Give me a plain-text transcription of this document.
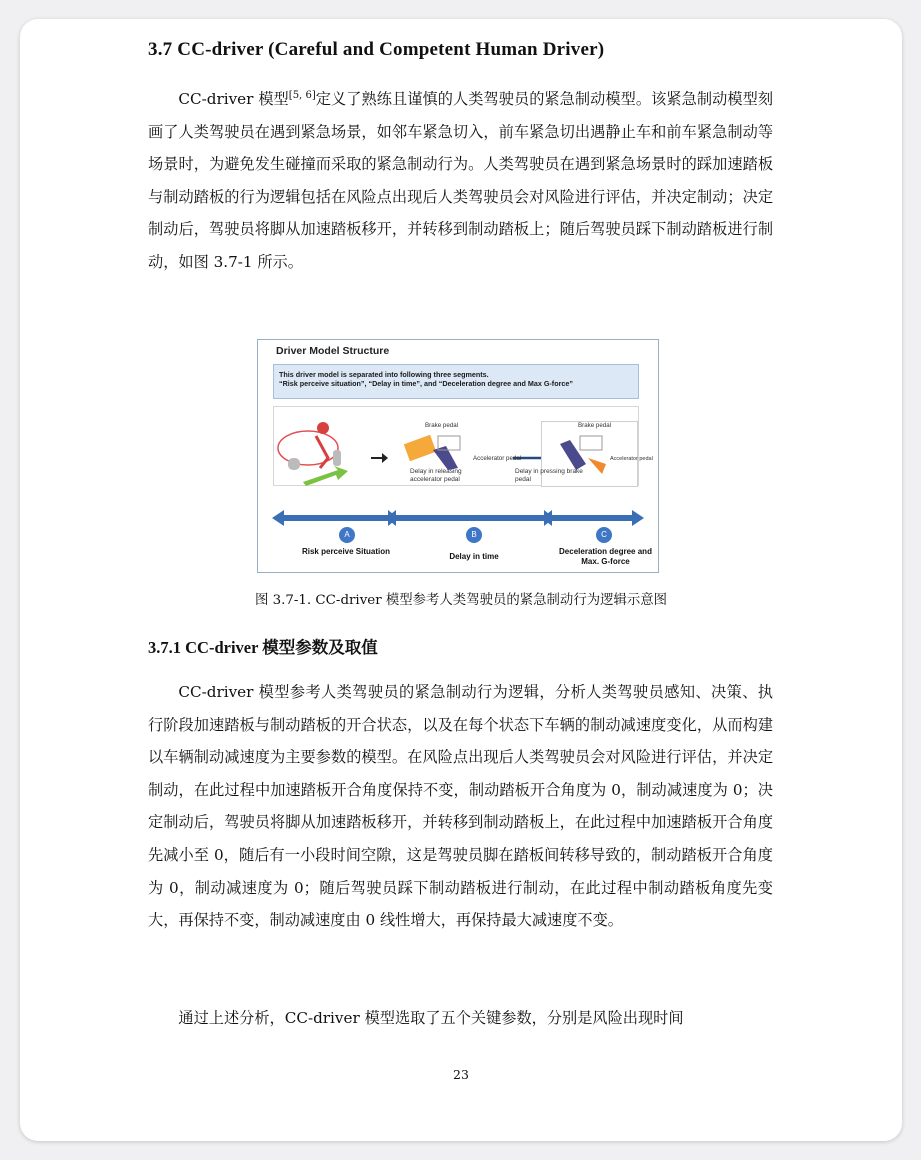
3.7 CC-driver (Careful and Competent Human Driver)

CC-driver 模型[5, 6]定义了熟练且谨慎的人类驾驶员的紧急制动模型。该紧急制动模型刻画了人类驾驶员在遇到紧急场景，如邻车紧急切入，前车紧急切出遇静止车和前车紧急制动等场景时，为避免发生碰撞而采取的紧急制动行为。人类驾驶员在遇到紧急场景时的踩加速踏板与制动踏板的行为逻辑包括在风险点出现后人类驾驶员会对风险进行评估，并决定制动；决定制动后，驾驶员将脚从加速踏板移开，并转移到制动踏板上；随后驾驶员踩下制动踏板进行制动，如图 3.7-1 所示。

Driver Model Structure
This driver model is separated into following three segments.
“Risk perceive situation”, “Delay in time”, and “Deceleration degree and Max G-force”
Brake pedal
Accelerator pedal
Brake pedal
Accelerator pedal
Delay in releasing accelerator pedal
Delay in pressing brake pedal
A	B	C
Risk perceive Situation
Delay in time
Deceleration degree and Max. G-force
图 3.7-1. CC-driver 模型参考人类驾驶员的紧急制动行为逻辑示意图
3.7.1 CC-driver 模型参数及取值

CC-driver 模型参考人类驾驶员的紧急制动行为逻辑，分析人类驾驶员感知、决策、执行阶段加速踏板与制动踏板的开合状态，以及在每个状态下车辆的制动减速度变化，从而构建以车辆制动减速度为主要参数的模型。在风险点出现后人类驾驶员会对风险进行评估，并决定制动，在此过程中加速踏板开合角度保持不变，制动踏板开合角度为 0，制动减速度为 0；决定制动后，驾驶员将脚从加速踏板移开，并转移到制动踏板上，在此过程中加速踏板开合角度先减小至 0，随后有一小段时间空隙，这是驾驶员脚在踏板间转移导致的，制动踏板开合角度为 0，制动减速度为 0；随后驾驶员踩下制动踏板进行制动，在此过程中制动踏板角度先变大，再保持不变，制动减速度由 0 线性增大，再保持最大减速度不变。

通过上述分析，CC-driver 模型选取了五个关键参数，分别是风险出现时间

23
